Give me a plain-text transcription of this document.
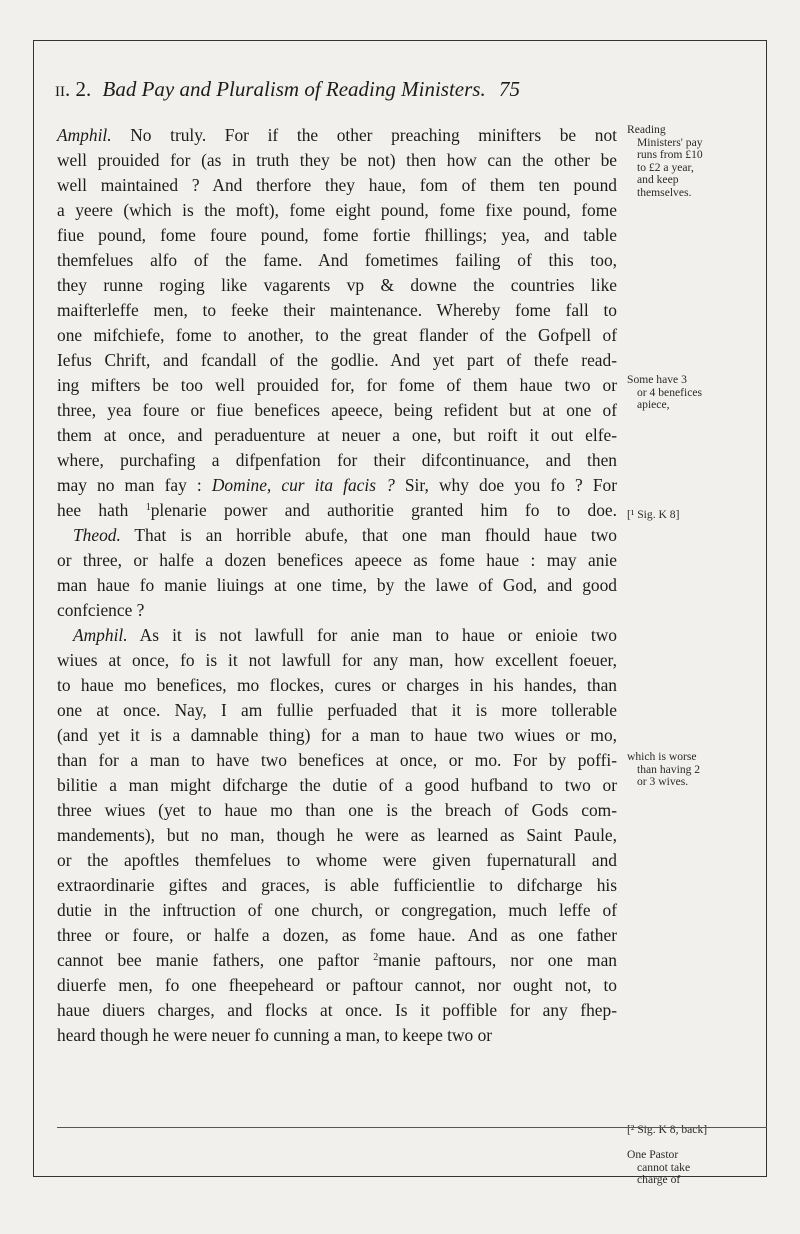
ii. 2. Bad Pay and Pluralism of Reading Ministers. 75
Amphil. No truly. For if the other preaching minifters be not
well prouided for (as in truth they be not) then how can the other be
well maintained ? And therfore they haue, fom of them ten pound
a yeere (which is the moft), fome eight pound, fome fixe pound, fome
fiue pound, fome foure pound, fome fortie fhillings; yea, and table
themfelues alfo of the fame. And fometimes failing of this too,
they runne roging like vagarents vp & downe the countries like
maifterleffe men, to feeke their maintenance. Whereby fome fall to
one mifchiefe, fome to another, to the great flander of the Gofpell of
Iefus Chrift, and fcandall of the godlie. And yet part of thefe read-
ing mifters be too well prouided for, for fome of them haue two or
three, yea foure or fiue benefices apeece, being refident but at one of
them at once, and peraduenture at neuer a one, but roift it out elfe-
where, purchafing a difpenfation for their difcontinuance, and then
may no man fay : Domine, cur ita facis ? Sir, why doe you fo ? For
hee hath $^1$plenarie power and authoritie granted him fo to doe.
Theod. That is an horrible abufe, that one man fhould haue two
or three, or halfe a dozen benefices apeece as fome haue : may anie
man haue fo manie liuings at one time, by the lawe of God, and good
confcience ?
Amphil. As it is not lawfull for anie man to haue or enioie two
wiues at once, fo is it not lawfull for any man, how excellent foeuer,
to haue mo benefices, mo flockes, cures or charges in his handes, than
one at once. Nay, I am fullie perfuaded that it is more tollerable
(and yet it is a damnable thing) for a man to haue two wiues or mo,
than for a man to have two benefices at once, or mo. For by poffi-
bilitie a man might difcharge the dutie of a good hufband to two or
three wiues (yet to haue mo than one is the breach of Gods com-
mandements), but no man, though he were as learned as Saint Paule,
or the apoftles themfelues to whome were given fupernaturall and
extraordinarie giftes and graces, is able fufficientlie to difcharge his
dutie in the inftruction of one church, or congregation, much leffe of
three or foure, or halfe a dozen, as fome haue. And as one father
cannot bee manie fathers, one paftor $^2$manie paftours, nor one man
diuerfe men, fo one fheepeheard or paftour cannot, nor ought not, to
haue diuers charges, and flocks at once. Is it poffible for any fhep-
heard though he were neuer fo cunning a man, to keepe two or
Reading
Ministers' pay
runs from £10
to £2 a year,
and keep
themselves.
Some have 3
or 4 benefices
apiece,
[¹ Sig. K 8]
which is worse
than having 2
or 3 wives.
[² Sig. K 8, back]
One Pastor
cannot take
charge of
